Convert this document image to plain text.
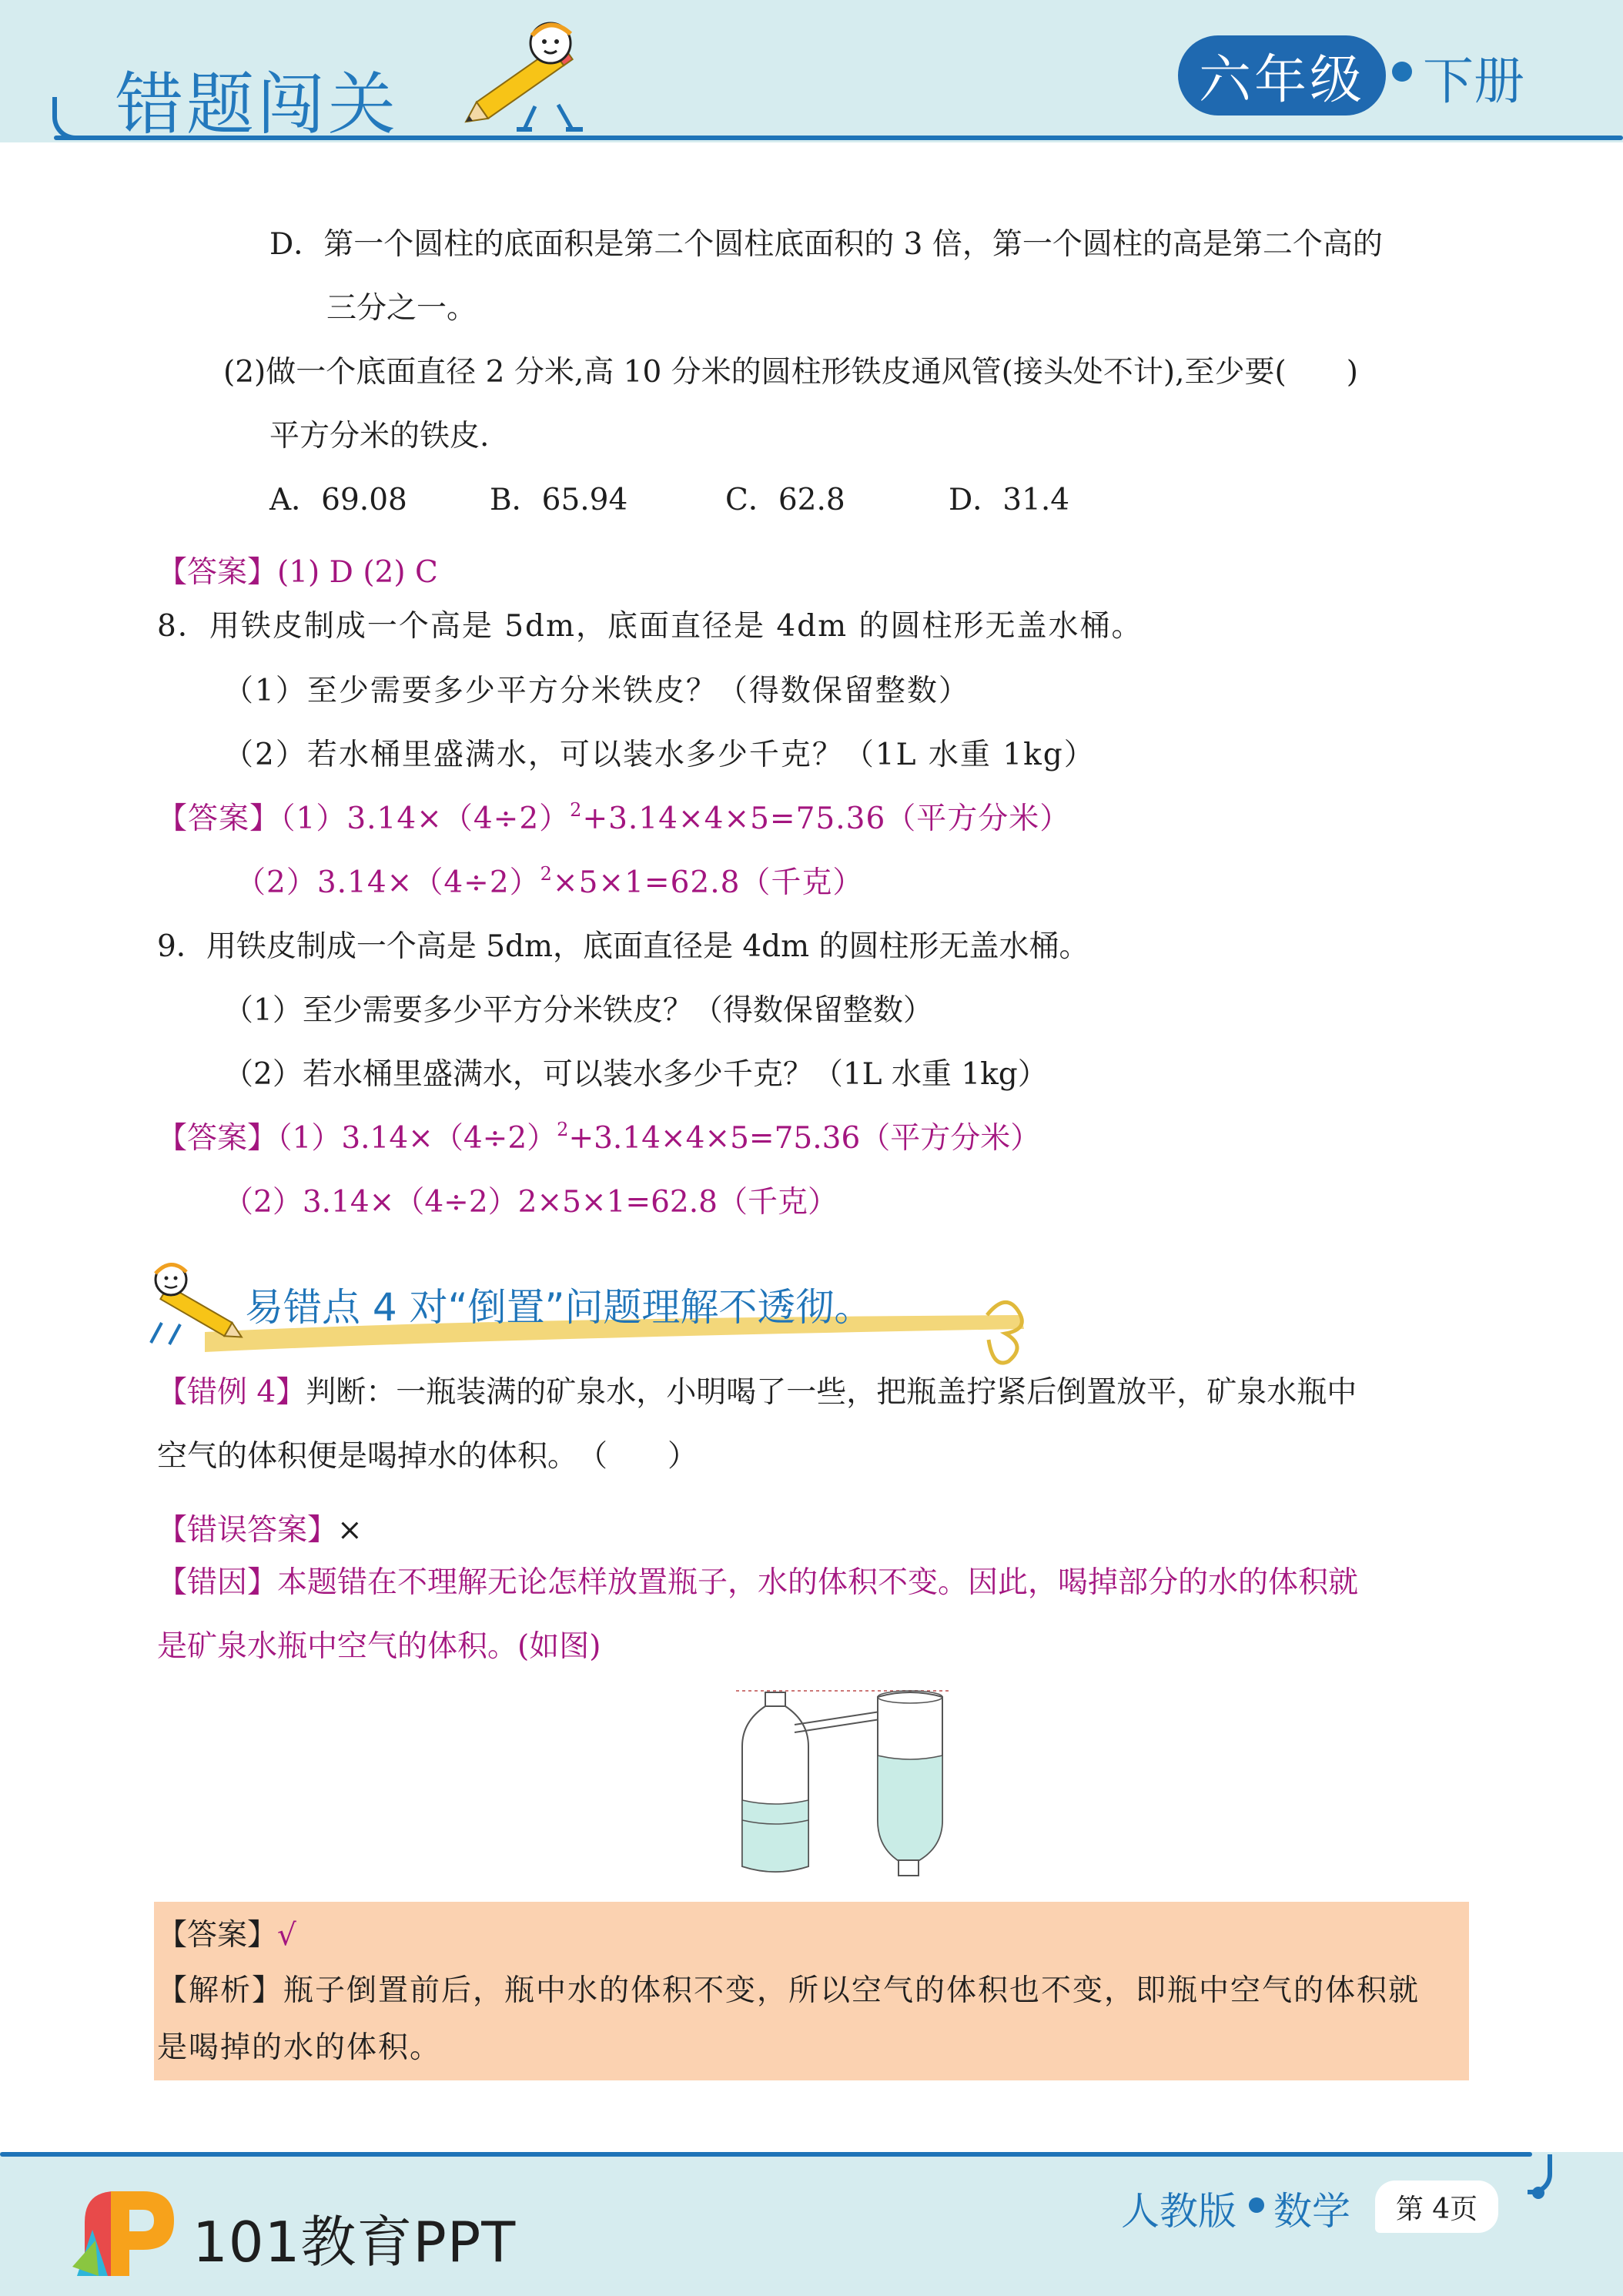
错题闯关	六年级	下册
D．第一个圆柱的底面积是第二个圆柱底面积的 3 倍，第一个圆柱的高是第二个高的
三分之一。
(2)做一个底面直径 2 分米,高 10 分米的圆柱形铁皮通风管(接头处不计),至少要(　　)
平方分米的铁皮.
A．69.08	B．65.94	C．62.8	D．31.4
【答案】(1) D (2) C
8．用铁皮制成一个高是 5dm，底面直径是 4dm 的圆柱形无盖水桶。
（1）至少需要多少平方分米铁皮？（得数保留整数）
（2）若水桶里盛满水，可以装水多少千克？（1L 水重 1kg）
【答案】$(1)3.14\times(4\div 2)^2+3.14\times 4\times 5=75.36$（平方分米）
$(2)3.14\times(4\div 2)^2\times 5\times 1=62.8$（千克）
9．用铁皮制成一个高是 5dm，底面直径是 4dm 的圆柱形无盖水桶。
（1）至少需要多少平方分米铁皮？（得数保留整数）
（2）若水桶里盛满水，可以装水多少千克？（1L 水重 1kg）
【答案】$(1)3.14\times(4\div 2)^2+3.14\times 4\times 5=75.36$（平方分米）
（2）3.14×（4÷2）2×5×1=62.8（千克）
易错点 4 对“倒置”问题理解不透彻。
【错例 4】判断：一瓶装满的矿泉水，小明喝了一些，把瓶盖拧紧后倒置放平，矿泉水瓶中
空气的体积便是喝掉水的体积。　（　　）
【错误答案】×
【错因】本题错在不理解无论怎样放置瓶子，水的体积不变。因此，喝掉部分的水的体积就
是矿泉水瓶中空气的体积。(如图)
【答案】√
【解析】瓶子倒置前后，瓶中水的体积不变，所以空气的体积也不变，即瓶中空气的体积就
是喝掉的水的体积。
101教育PPT	人教版 数学	第 4页
